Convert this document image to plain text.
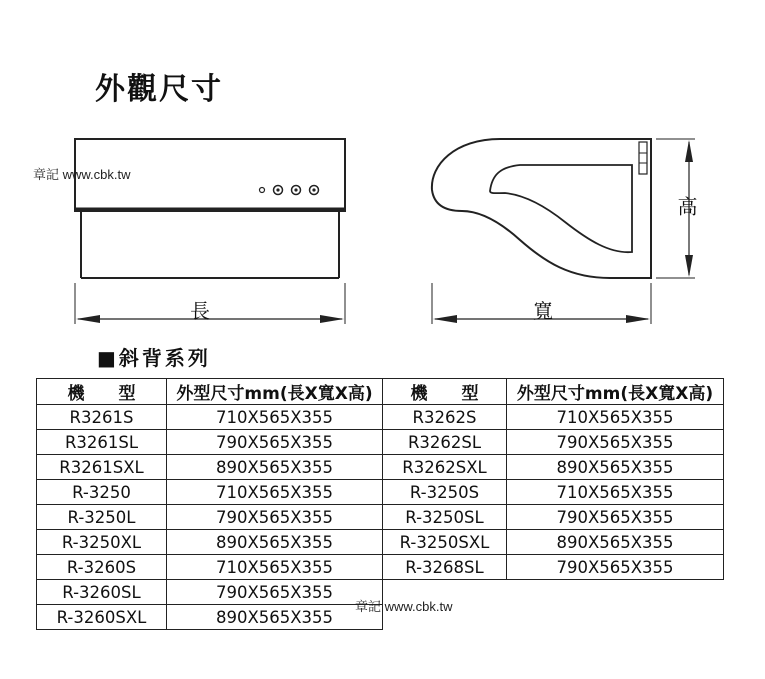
外觀尺寸
章記 www.cbk.tw
長	寬
高
■斜背系列
機　　型	外型尺寸mm(長X寬X高)	機　　型	外型尺寸mm(長X寬X高)
R3261S	710X565X355	R3262S	710X565X355
R3261SL	790X565X355	R3262SL	790X565X355
R3261SXL	890X565X355	R3262SXL	890X565X355
R-3250	710X565X355	R-3250S	710X565X355
R-3250L	790X565X355	R-3250SL	790X565X355
R-3250XL	890X565X355	R-3250SXL	890X565X355
R-3260S	710X565X355	R-3268SL	790X565X355
R-3260SL	790X565X355		
R-3260SXL	890X565X355		
章記 www.cbk.tw
